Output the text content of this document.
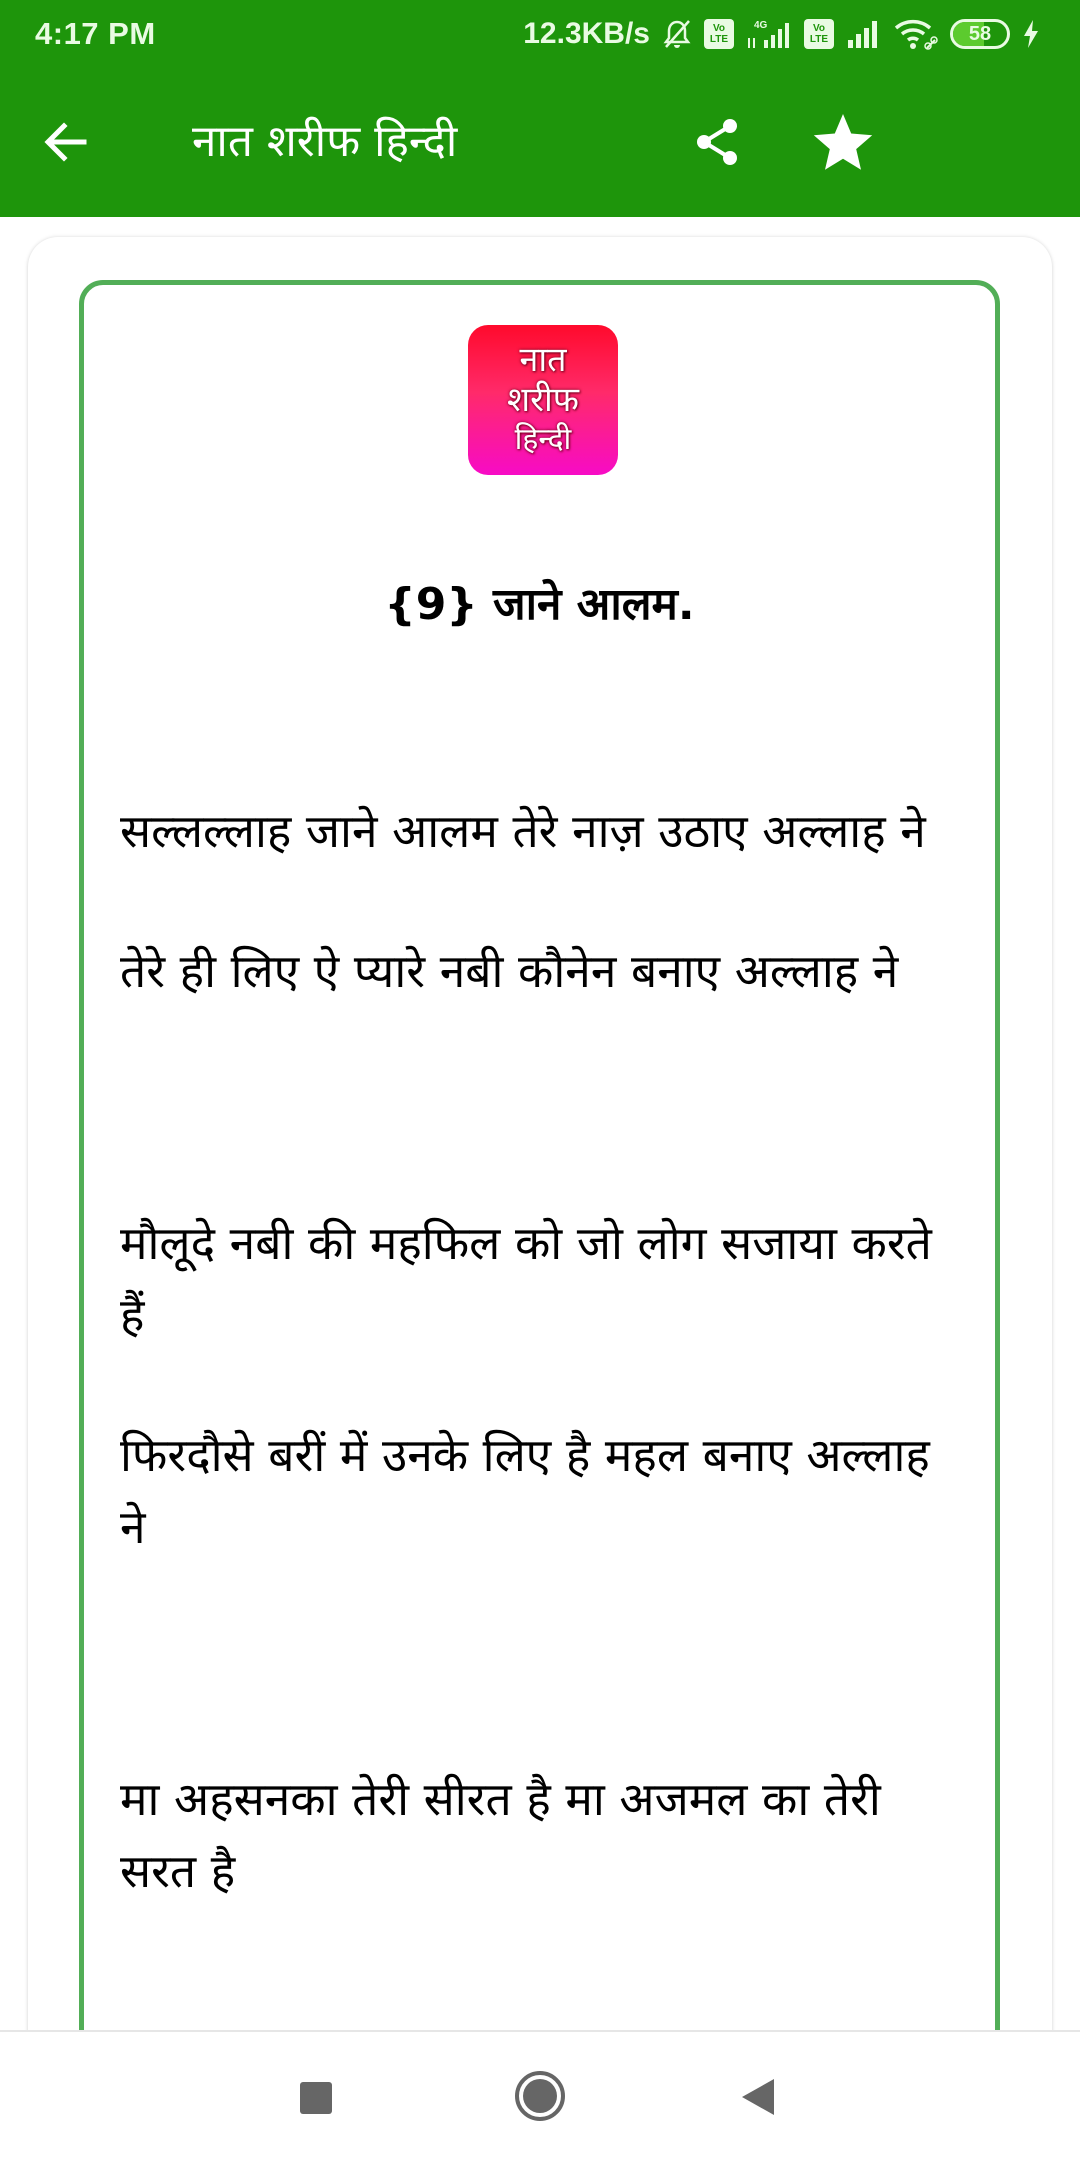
4:17 PM	12.3KB/s	Vo
LTE
4G	Vo
LTE	58
नात शरीफ हिन्दी
नात
शरीफ
हिन्दी
{9} जाने आलम.

सल्लल्लाह जाने आलम तेरे नाज़ उठाए अल्लाह ने

तेरे ही लिए ऐ प्यारे नबी कौनेन बनाए अल्लाह ने

मौलूदे नबी की महफिल को जो लोग सजाया करते हैं

फिरदौसे बरीं में उनके लिए है महल बनाए अल्लाह ने

मा अहसनका तेरी सीरत है मा अजमल का तेरी सरत है
